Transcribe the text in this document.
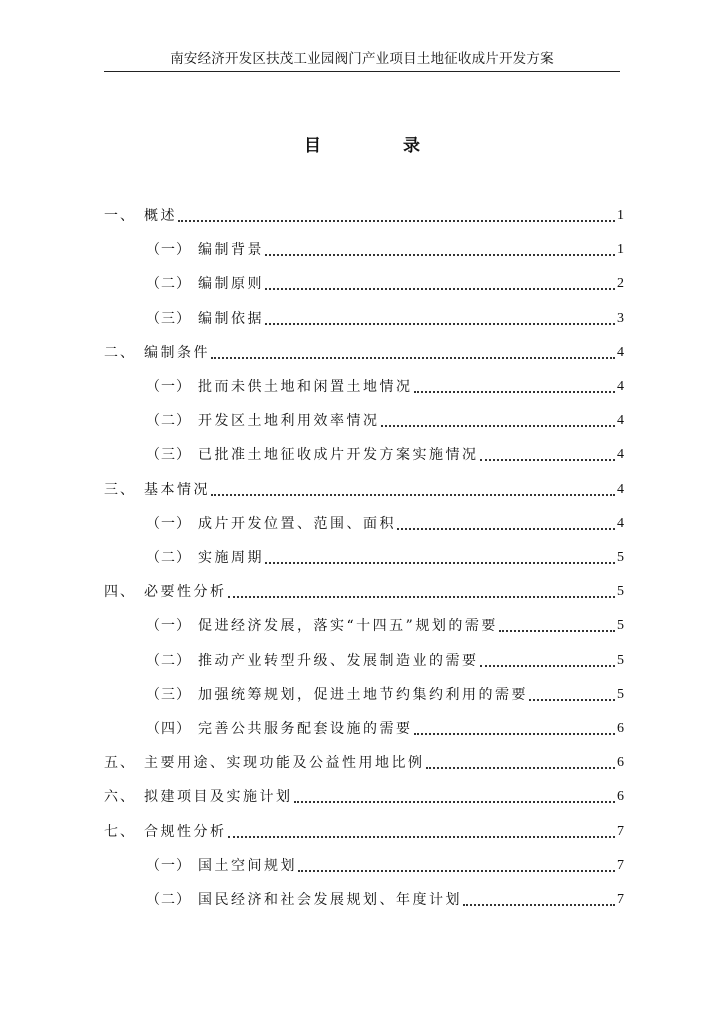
南安经济开发区扶茂工业园阀门产业项目土地征收成片开发方案
目 录
一、 概述	1
（一） 编制背景	1
（二） 编制原则	2
（三） 编制依据	3
二、 编制条件	4
（一） 批而未供土地和闲置土地情况	4
（二） 开发区土地利用效率情况	4
（三） 已批准土地征收成片开发方案实施情况	4
三、 基本情况	4
（一） 成片开发位置、范围、面积	4
（二） 实施周期	5
四、 必要性分析	5
（一） 促进经济发展，落实“十四五”规划的需要	5
（二） 推动产业转型升级、发展制造业的需要	5
（三） 加强统筹规划，促进土地节约集约利用的需要	5
（四） 完善公共服务配套设施的需要	6
五、 主要用途、实现功能及公益性用地比例	6
六、 拟建项目及实施计划	6
七、 合规性分析	7
（一） 国土空间规划	7
（二） 国民经济和社会发展规划、年度计划	7
